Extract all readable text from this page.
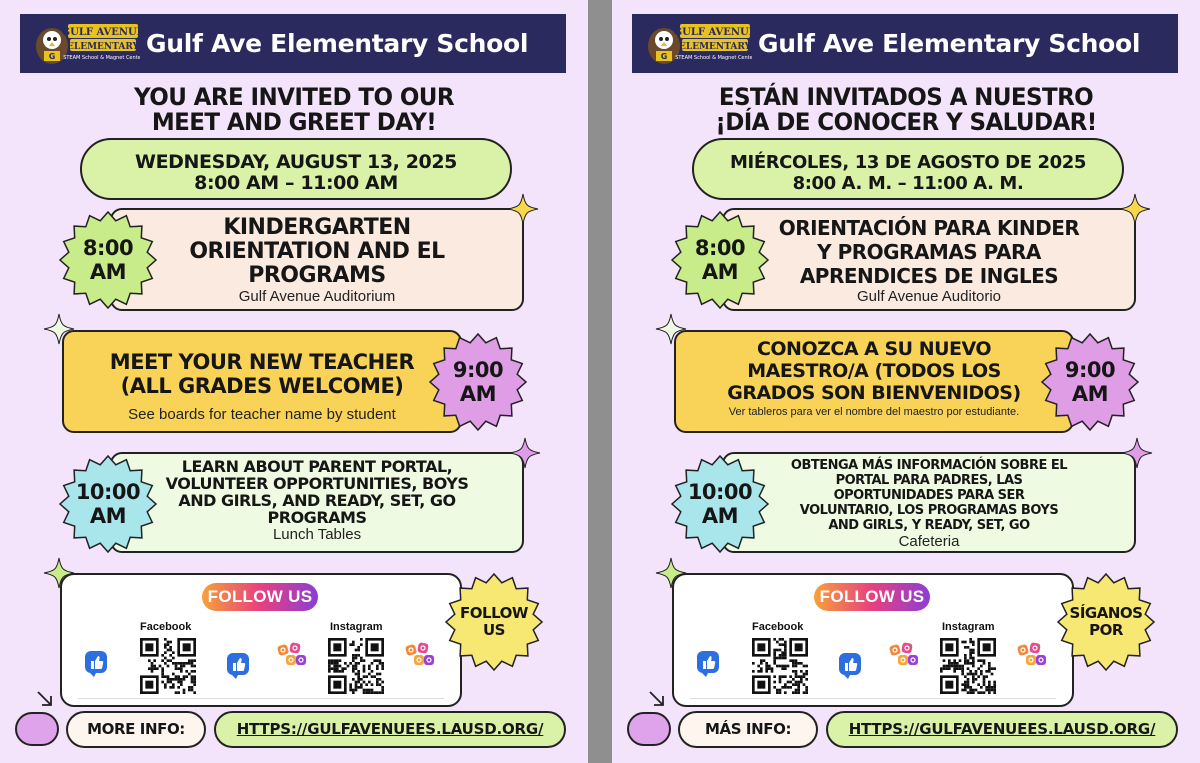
G
GULF AVENUE
ELEMENTARY
STEAM School & Magnet Center Gulf Ave Elementary School
YOU ARE INVITED TO OUR
MEET AND GREET DAY!
WEDNESDAY, AUGUST 13, 2025
8:00 AM – 11:00 AM
KINDERGARTEN
ORIENTATION AND EL
PROGRAMS
Gulf Avenue Auditorium
8:00
AM
MEET YOUR NEW TEACHER
(ALL GRADES WELCOME)
See boards for teacher name by student
9:00
AM
LEARN ABOUT PARENT PORTAL,
VOLUNTEER OPPORTUNITIES, BOYS
AND GIRLS, AND READY, SET, GO
PROGRAMS
Lunch Tables
10:00
AM
FOLLOW US
Facebook	Instagram
FOLLOW
US
MORE INFO:	HTTPS://GULFAVENUEES.LAUSD.ORG/
G
GULF AVENUE
ELEMENTARY
STEAM School & Magnet Center Gulf Ave Elementary School
ESTÁN INVITADOS A NUESTRO
¡DÍA DE CONOCER Y SALUDAR!
MIÉRCOLES, 13 DE AGOSTO DE 2025
8:00 A. M. – 11:00 A. M.
ORIENTACIÓN PARA KINDER
Y PROGRAMAS PARA
APRENDICES DE INGLES
Gulf Avenue Auditorio
8:00
AM
CONOZCA A SU NUEVO
MAESTRO/A (TODOS LOS
GRADOS SON BIENVENIDOS)
Ver tableros para ver el nombre del maestro por estudiante.
9:00
AM
OBTENGA MÁS INFORMACIÓN SOBRE EL
PORTAL PARA PADRES, LAS
OPORTUNIDADES PARA SER
VOLUNTARIO, LOS PROGRAMAS BOYS
AND GIRLS, Y READY, SET, GO
Cafeteria
10:00
AM
FOLLOW US
Facebook	Instagram
SÍGANOS
POR
MÁS INFO:	HTTPS://GULFAVENUEES.LAUSD.ORG/
